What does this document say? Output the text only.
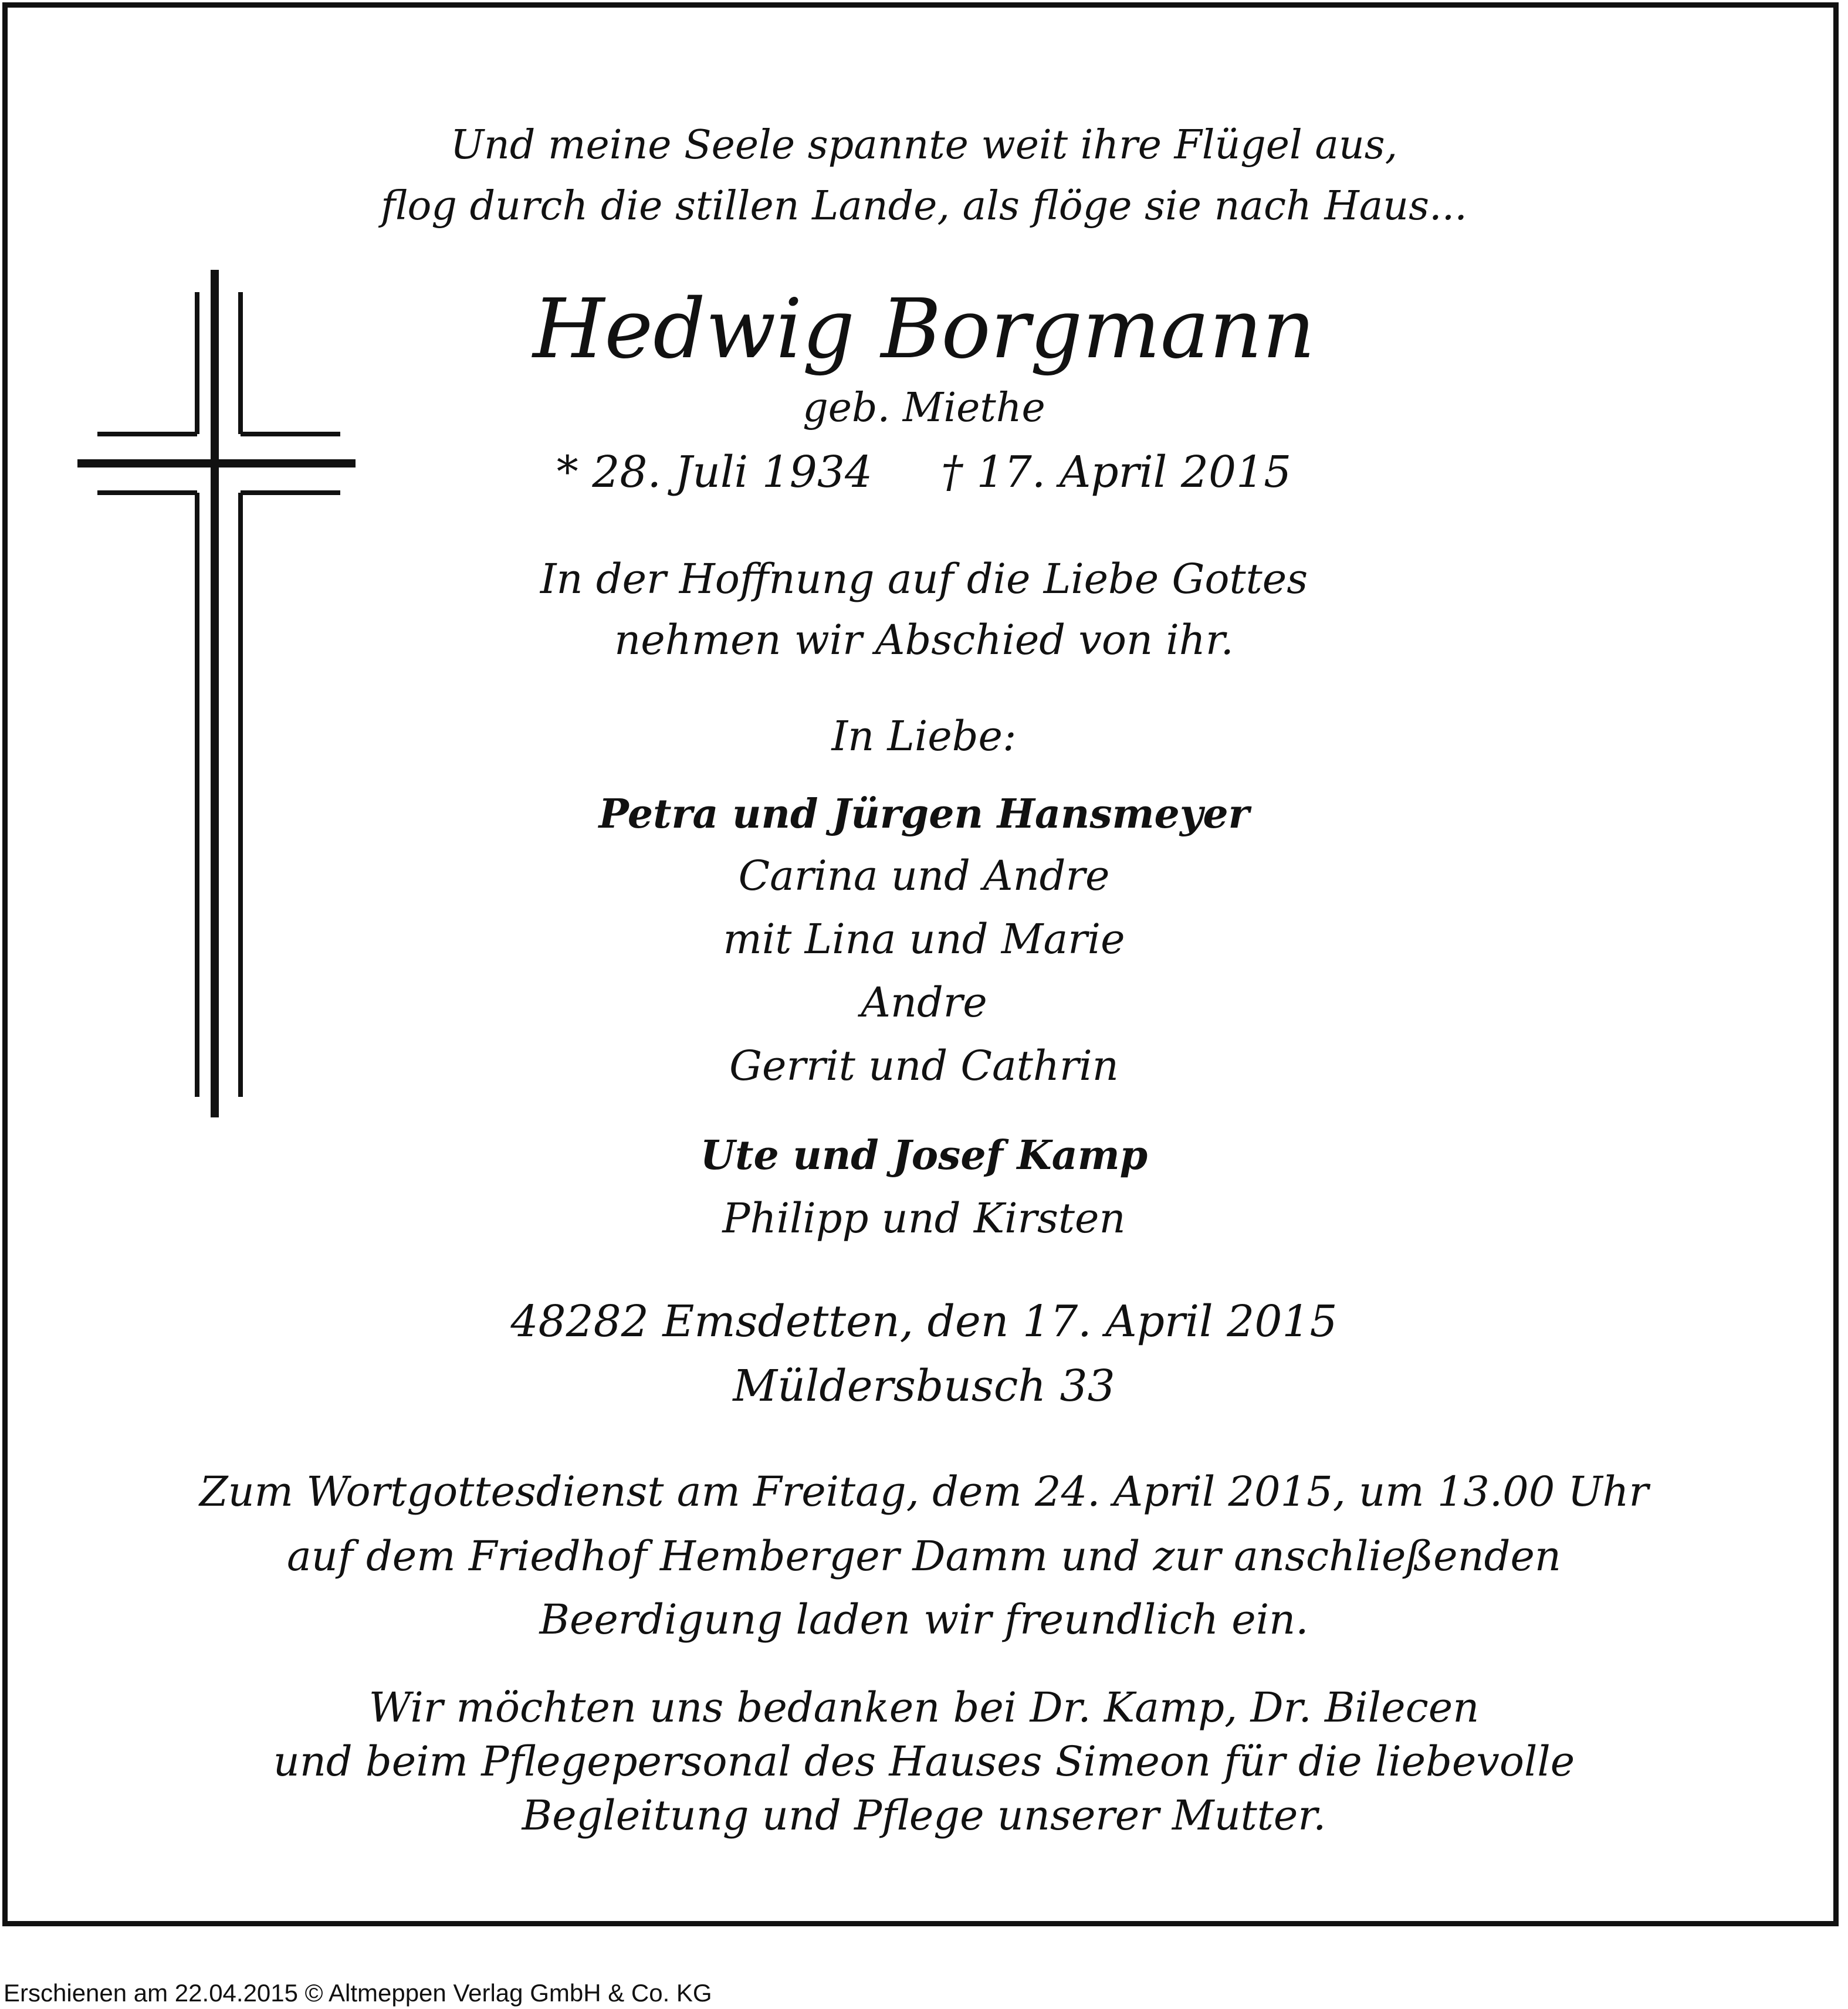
Und meine Seele spannte weit ihre Flügel aus,
flog durch die stillen Lande, als flöge sie nach Haus...
Hedwig Borgmann
geb. Miethe
* 28. Juli 1934 † 17. April 2015
In der Hoffnung auf die Liebe Gottes
nehmen wir Abschied von ihr.
In Liebe:
Petra und Jürgen Hansmeyer
Carina und Andre
mit Lina und Marie
Andre
Gerrit und Cathrin
Ute und Josef Kamp
Philipp und Kirsten
48282 Emsdetten, den 17. April 2015
Müldersbusch 33
Zum Wortgottesdienst am Freitag, dem 24. April 2015, um 13.00 Uhr
auf dem Friedhof Hemberger Damm und zur anschließenden
Beerdigung laden wir freundlich ein.
Wir möchten uns bedanken bei Dr. Kamp, Dr. Bilecen
und beim Pflegepersonal des Hauses Simeon für die liebevolle
Begleitung und Pflege unserer Mutter.
Erschienen am 22.04.2015 © Altmeppen Verlag GmbH & Co. KG
